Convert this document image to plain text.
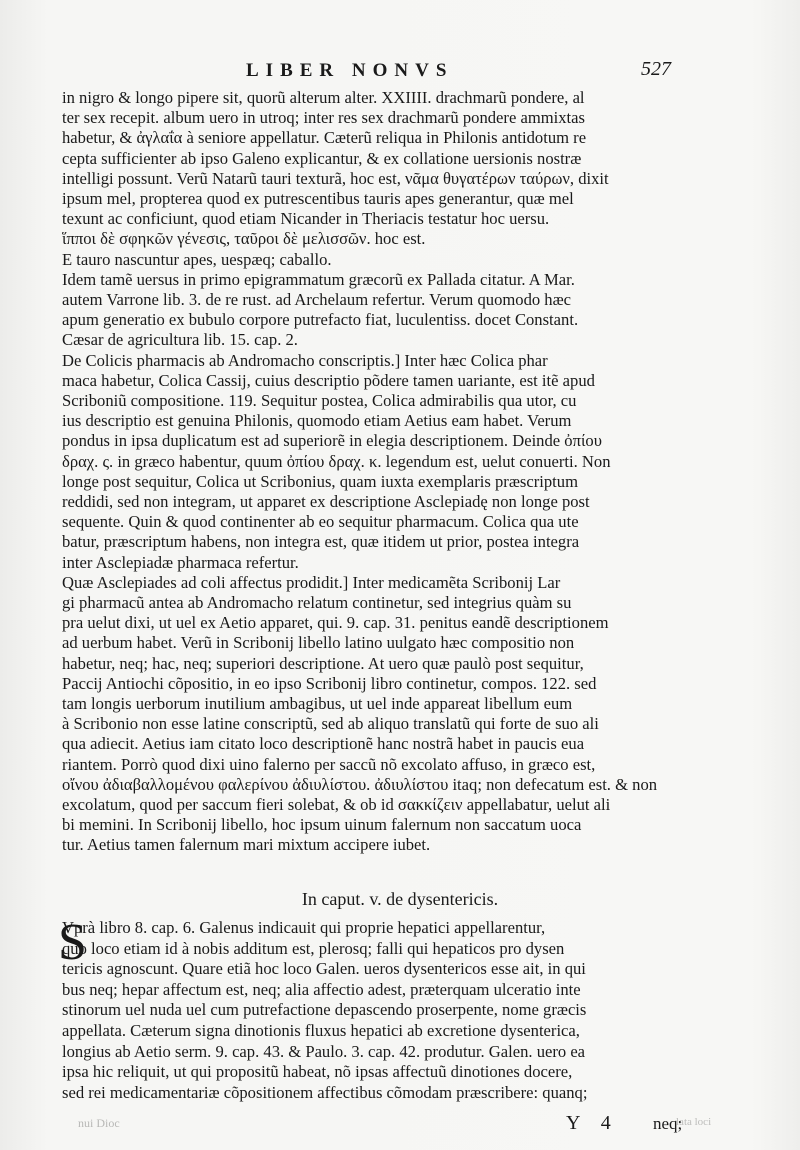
LIBER NONVS	527
in nigro & longo pipere sit, quorũ alterum alter. XXIIII. drachmarũ pondere, al
ter sex recepit. album uero in utroq; inter res sex drachmarũ pondere ammixtas
habetur, & ἀγλαΐα à seniore appellatur. Cæterũ reliqua in Philonis antidotum re
cepta sufficienter ab ipso Galeno explicantur, & ex collatione uersionis nostræ
intelligi possunt. Verũ Natarũ tauri texturã, hoc est, νᾶμα θυγατέρων ταύρων, dixit
ipsum mel, propterea quod ex putrescentibus tauris apes generantur, quæ mel
texunt ac conficiunt, quod etiam Nicander in Theriacis testatur hoc uersu.
ἵπποι δὲ σφηκῶν γένεσις, ταῦροι δὲ μελισσῶν. hoc est.
E tauro nascuntur apes, uespæq; caballo.
Idem tamẽ uersus in primo epigrammatum græcorũ ex Pallada citatur. A Mar.
autem Varrone lib. 3. de re rust. ad Archelaum refertur. Verum quomodo hæc
apum generatio ex bubulo corpore putrefacto fiat, luculentiss. docet Constant.
Cæsar de agricultura lib. 15. cap. 2.
De Colicis pharmacis ab Andromacho conscriptis.] Inter hæc Colica phar
maca habetur, Colica Cassij, cuius descriptio põdere tamen uariante, est itẽ apud
Scriboniũ compositione. 119. Sequitur postea, Colica admirabilis qua utor, cu
ius descriptio est genuina Philonis, quomodo etiam Aetius eam habet. Verum
pondus in ipsa duplicatum est ad superiorẽ in elegia descriptionem. Deinde ὀπίου
δραχ. ς. in græco habentur, quum ὀπίου δραχ. κ. legendum est, uelut conuerti. Non
longe post sequitur, Colica ut Scribonius, quam iuxta exemplaris præscriptum
reddidi, sed non integram, ut apparet ex descriptione Asclepiadę non longe post
sequente. Quin & quod continenter ab eo sequitur pharmacum. Colica qua ute
batur, præscriptum habens, non integra est, quæ itidem ut prior, postea integra
inter Asclepiadæ pharmaca refertur.
Quæ Asclepiades ad coli affectus prodidit.] Inter medicamẽta Scribonij Lar
gi pharmacũ antea ab Andromacho relatum continetur, sed integrius quàm su
pra uelut dixi, ut uel ex Aetio apparet, qui. 9. cap. 31. penitus eandẽ descriptionem
ad uerbum habet. Verũ in Scribonij libello latino uulgato hæc compositio non
habetur, neq; hac, neq; superiori descriptione. At uero quæ paulò post sequitur,
Paccij Antiochi cõpositio, in eo ipso Scribonij libro continetur, compos. 122. sed
tam longis uerborum inutilium ambagibus, ut uel inde appareat libellum eum
à Scribonio non esse latine conscriptũ, sed ab aliquo translatũ qui forte de suo ali
qua adiecit. Aetius iam citato loco descriptionẽ hanc nostrã habet in paucis eua
riantem. Porrò quod dixi uino falerno per saccũ nõ excolato affuso, in græco est,
οἴνου ἀδιαβαλλομένου φαλερίνου ἀδιυλίστου. ἀδιυλίστου itaq; non defecatum est. & non
excolatum, quod per saccum fieri solebat, & ob id σακκίζειν appellabatur, uelut ali
bi memini. In Scribonij libello, hoc ipsum uinum falernum non saccatum uoca
tur. Aetius tamen falernum mari mixtum accipere iubet.
In caput. v. de dysentericis.
S
Vprà libro 8. cap. 6. Galenus indicauit qui proprie hepatici appellarentur,
quo loco etiam id à nobis additum est, plerosq; falli qui hepaticos pro dysen
tericis agnoscunt. Quare etiã hoc loco Galen. ueros dysentericos esse ait, in qui
bus neq; hepar affectum est, neq; alia affectio adest, præterquam ulceratio inte
stinorum uel nuda uel cum putrefactione depascendo proserpente, nome græcis
appellata. Cæterum signa dinotionis fluxus hepatici ab excretione dysenterica,
longius ab Aetio serm. 9. cap. 43. & Paulo. 3. cap. 42. produtur. Galen. uero ea
ipsa hic reliquit, ut qui propositũ habeat, nõ ipsas affectuũ dinotiones docere,
sed rei medicamentariæ cõpositionem affectibus cõmodam præscribere: quanq;
nui Dioc	lata loci
Y 4 neq;
